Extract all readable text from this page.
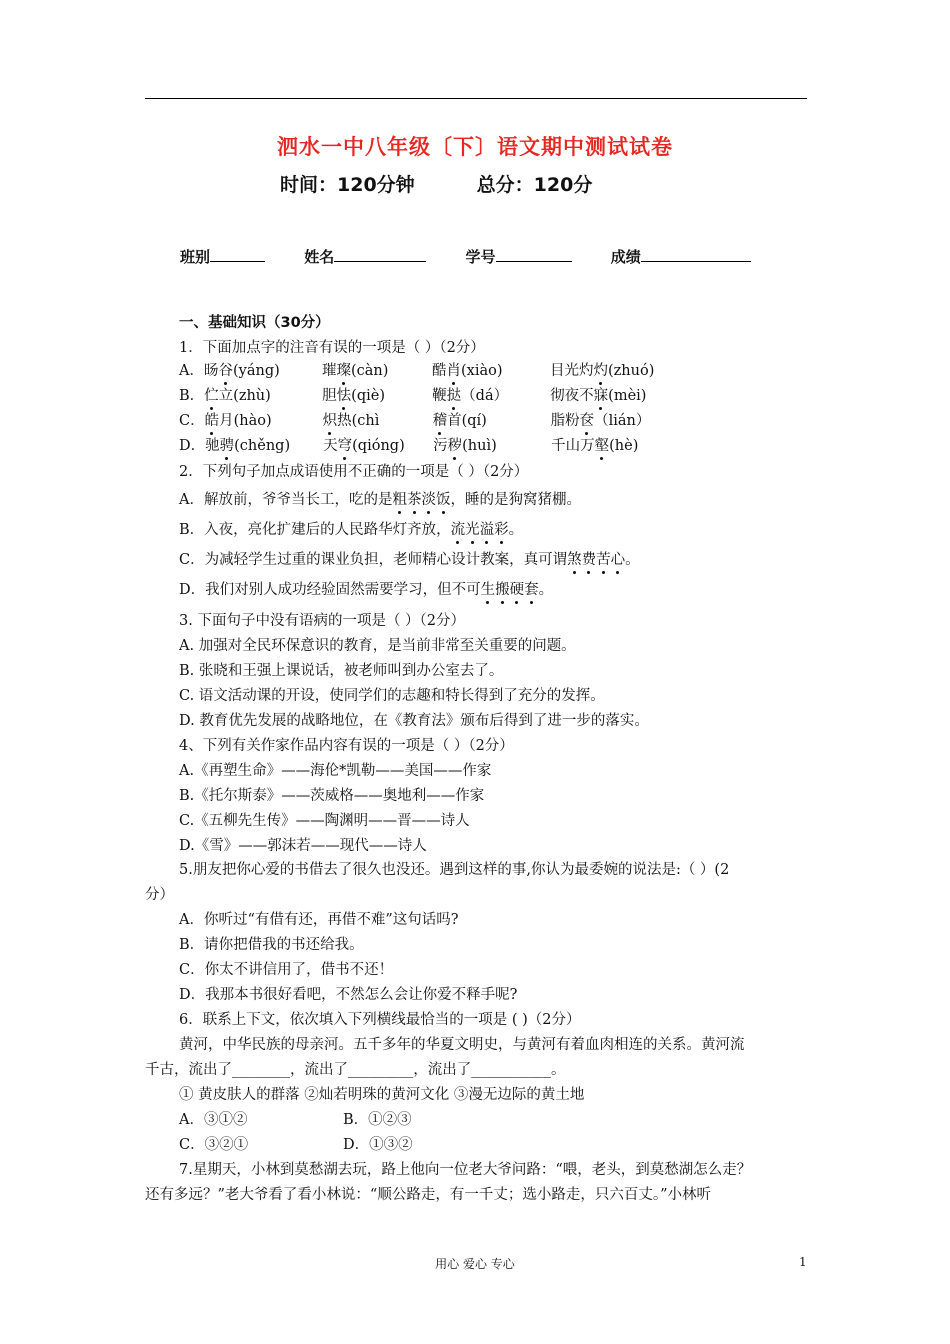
泗水一中八年级〔下〕语文期中测试试卷
时间：120分钟	总分：120分
班别	姓名	学号	成绩
一、基础知识（30分）
1．下面加点字的注音有误的一项是（ ）（2分）
A．旸谷(yáng)	璀璨(càn)	酷肖(xiào)	目光灼灼(zhuó)
B．伫立(zhù)	胆怯(qiè)	鞭挞（dá）	彻夜不寐(mèi)
C．皓月(hào)	炽热(chì	稽首(qí)	脂粉奁（lián）
D．驰骋(chěng) 天穹(qióng) 污秽(huì)	千山万壑(hè)
2．下列句子加点成语使用不正确的一项是（ ）（2分）
A．解放前，爷爷当长工，吃的是粗茶淡饭，睡的是狗窝猪棚。
B．入夜，亮化扩建后的人民路华灯齐放，流光溢彩。
C．为减轻学生过重的课业负担，老师精心设计教案，真可谓煞费苦心。
D．我们对别人成功经验固然需要学习，但不可生搬硬套。
3. 下面句子中没有语病的一项是（ ）（2分）
A. 加强对全民环保意识的教育，是当前非常至关重要的问题。
B. 张晓和王强上课说话，被老师叫到办公室去了。
C. 语文活动课的开设，使同学们的志趣和特长得到了充分的发挥。
D. 教育优先发展的战略地位，在《教育法》颁布后得到了进一步的落实。
4、下列有关作家作品内容有误的一项是（ ）（2分）
A.《再塑生命》——海伦*凯勒——美国——作家
B.《托尔斯泰》——茨威格——奥地利——作家
C.《五柳先生传》——陶渊明——晋——诗人
D.《雪》——郭沫若——现代——诗人
5.朋友把你心爱的书借去了很久也没还。遇到这样的事,你认为最委婉的说法是:（ ）(2
分）
A．你听过“有借有还，再借不难”这句话吗?
B．请你把借我的书还给我。
C．你太不讲信用了，借书不还！
D．我那本书很好看吧，不然怎么会让你爱不释手呢?
6．联系上下文，依次填入下列横线最恰当的一项是 ( )（2分）
黄河，中华民族的母亲河。五千多年的华夏文明史，与黄河有着血肉相连的关系。黄河流
千古，流出了________，流出了_________，流出了___________。
① 黄皮肤人的群落 ②灿若明珠的黄河文化 ③漫无边际的黄土地
A．③①②	B．①②③
C．③②①	D．①③②
7.星期天，小林到莫愁湖去玩，路上他向一位老大爷问路：“喂，老头，到莫愁湖怎么走？
还有多远？”老大爷看了看小林说：“顺公路走，有一千丈；选小路走，只六百丈。”小林听
用心 爱心 专心	1
